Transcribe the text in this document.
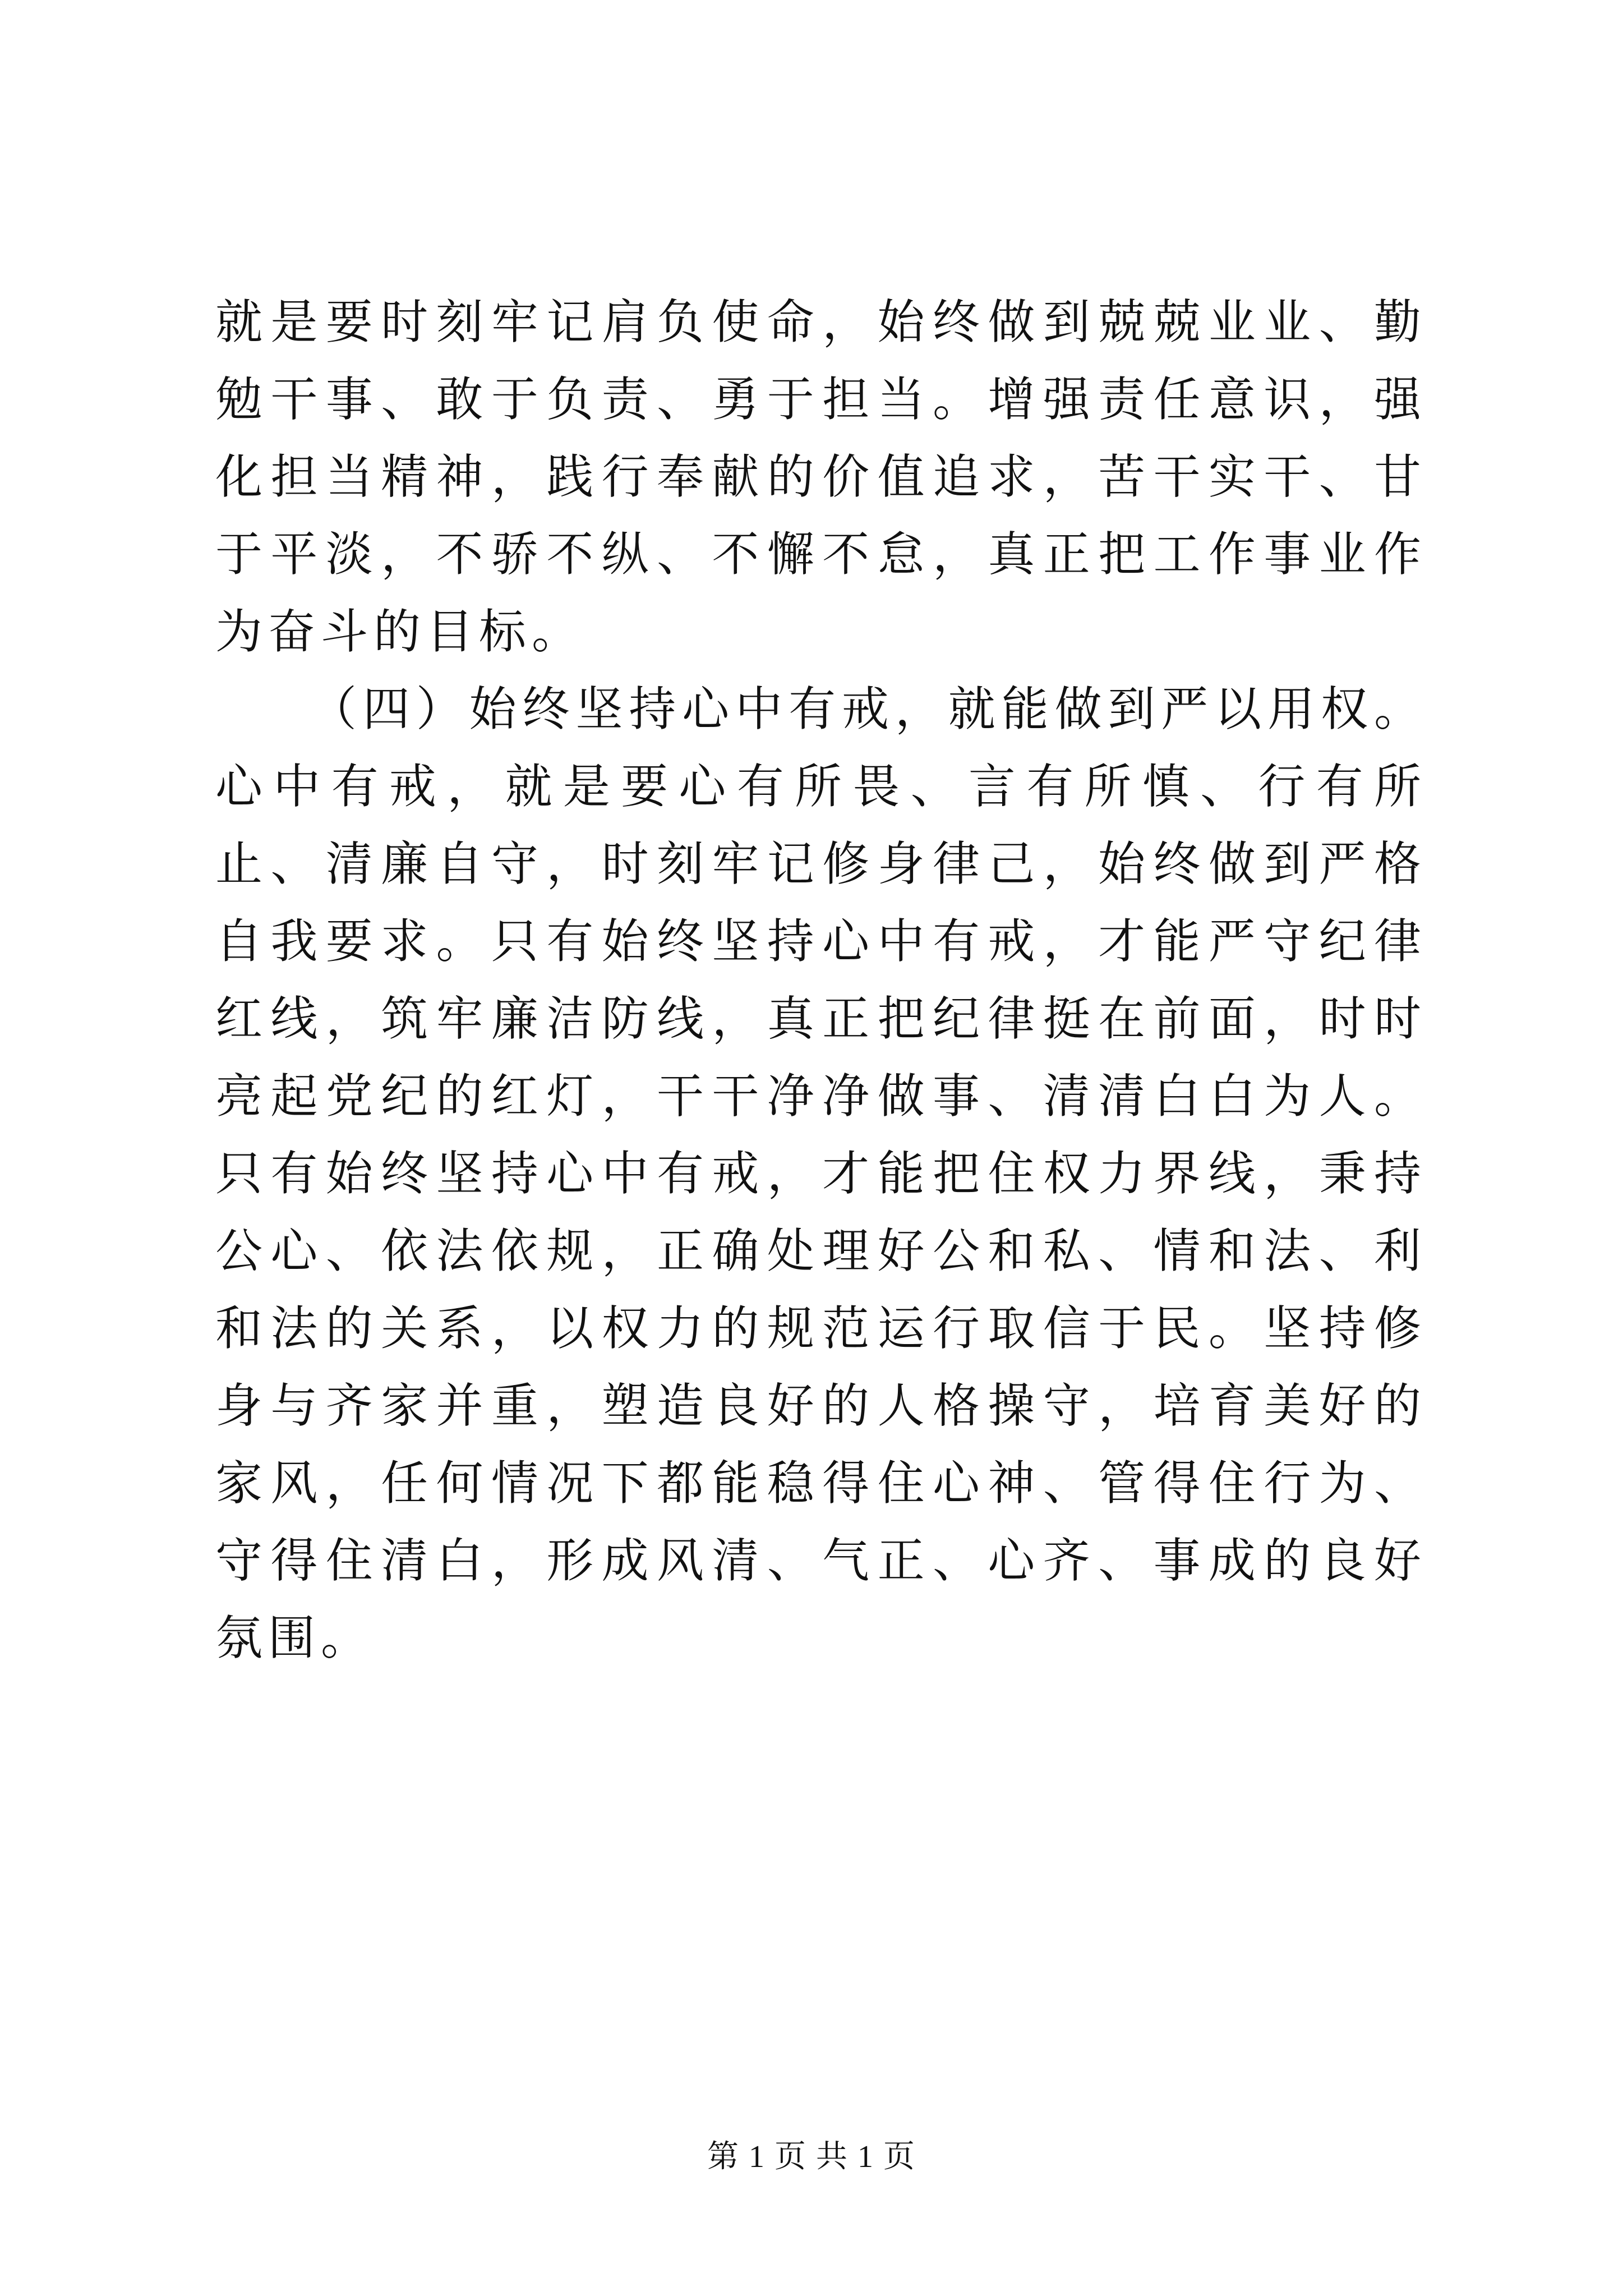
就是要时刻牢记肩负使命，始终做到兢兢业业、勤勉干事、敢于负责、勇于担当。增强责任意识，强化担当精神，践行奉献的价值追求，苦干实干、甘于平淡，不骄不纵、不懈不怠，真正把工作事业作为奋斗的目标。

（四）始终坚持心中有戒，就能做到严以用权。心中有戒，就是要心有所畏、言有所慎、行有所止、清廉自守，时刻牢记修身律己，始终做到严格自我要求。只有始终坚持心中有戒，才能严守纪律红线，筑牢廉洁防线，真正把纪律挺在前面，时时亮起党纪的红灯，干干净净做事、清清白白为人。只有始终坚持心中有戒，才能把住权力界线，秉持公心、依法依规，正确处理好公和私、情和法、利和法的关系，以权力的规范运行取信于民。坚持修身与齐家并重，塑造良好的人格操守，培育美好的家风，任何情况下都能稳得住心神、管得住行为、守得住清白，形成风清、气正、心齐、事成的良好氛围。

第 1 页 共 1 页
